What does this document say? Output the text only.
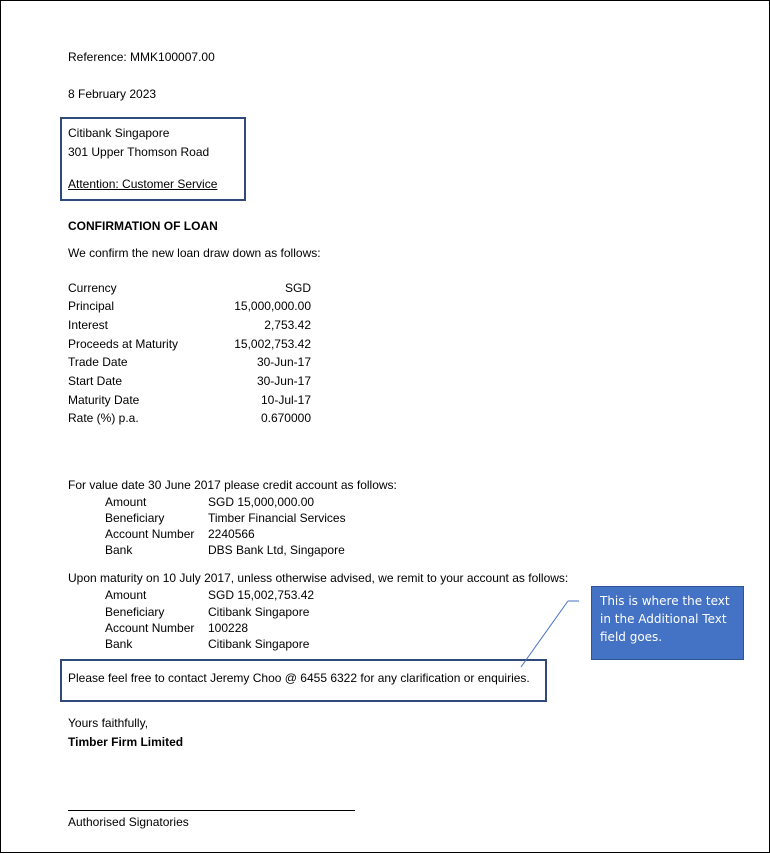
Reference: MMK100007.00
8 February 2023
Citibank Singapore
301 Upper Thomson Road
Attention: Customer Service
CONFIRMATION OF LOAN
We confirm the new loan draw down as follows:
Currency	SGD
Principal	15,000,000.00
Interest	2,753.42
Proceeds at Maturity	15,002,753.42
Trade Date	30-Jun-17
Start Date	30-Jun-17
Maturity Date	10-Jul-17
Rate (%) p.a.	0.670000
For value date 30 June 2017 please credit account as follows:
Amount	SGD 15,000,000.00
Beneficiary	Timber Financial Services
Account Number 2240566
Bank	DBS Bank Ltd, Singapore
Upon maturity on 10 July 2017, unless otherwise advised, we remit to your account as follows:
Amount	SGD 15,002,753.42
Beneficiary	Citibank Singapore
Account Number 100228
Bank	Citibank Singapore
Please feel free to contact Jeremy Choo @ 6455 6322 for any clarification or enquiries.
This is where the text in the Additional Text field goes.
Yours faithfully,
Timber Firm Limited
Authorised Signatories
